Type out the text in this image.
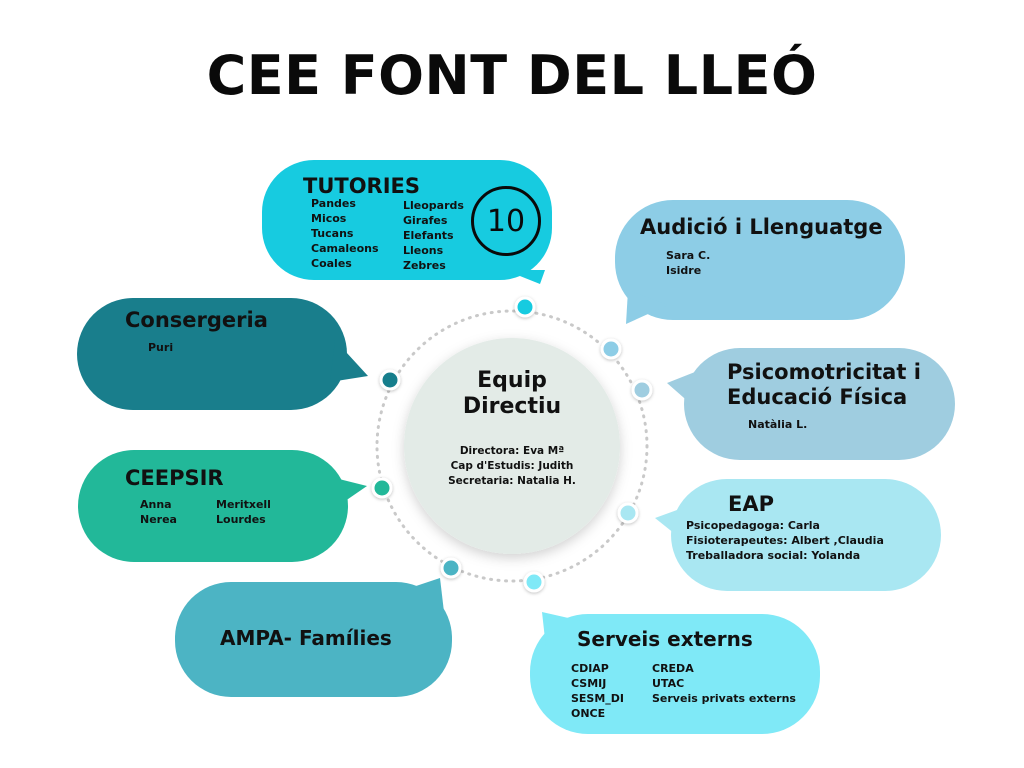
CEE FONT DEL LLEÓ
TUTORIES
Pandes
Micos
Tucans
Camaleons
Coales
Lleopards
Girafes
Elefants
Lleons
Zebres
10	Audició i Llenguatge
Sara C.
Isidre
Consergeria
Puri
Psicomotricitat i
Educació Física
Natàlia L.
CEEPSIR
Anna
Nerea
Meritxell
Lourdes
EAP
Psicopedagoga: Carla
Fisioterapeutes: Albert ,Claudia
Treballadora social: Yolanda
AMPA- Famílies	Serveis externs
CDIAP
CSMIJ
SESM_DI
ONCE
CREDA
UTAC
Serveis privats externs
Equip
Directiu
Directora: Eva Mª
Cap d'Estudis: Judith
Secretaria: Natalia H.
